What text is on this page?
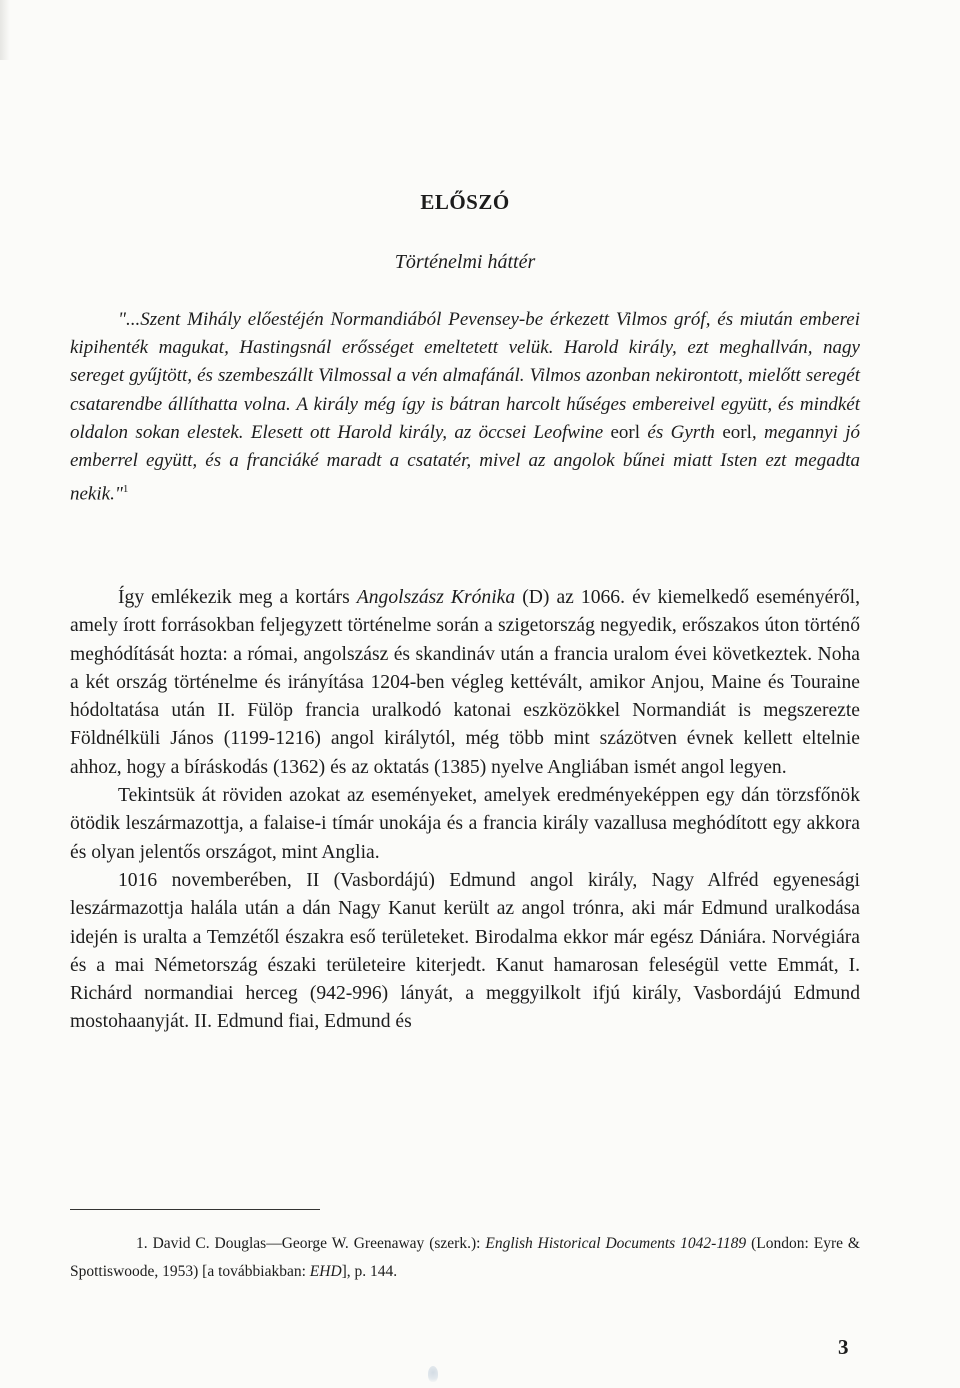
ELŐSZÓ
Történelmi háttér
"...Szent Mihály előestéjén Normandiából Pevensey-be érkezett Vilmos gróf, és miután emberei kipihenték magukat, Hastingsnál erősséget emeltetett velük. Harold király, ezt meghallván, nagy sereget gyűjtött, és szembeszállt Vilmossal a vén almafánál. Vilmos azonban nekirontott, mielőtt seregét csatarendbe állíthatta volna. A király még így is bátran harcolt hűséges embereivel együtt, és mindkét oldalon sokan elestek. Elesett ott Harold király, az öccsei Leofwine eorl és Gyrth eorl, megannyi jó emberrel együtt, és a franciáké maradt a csatatér, mivel az angolok bűnei miatt Isten ezt megadta nekik."$^1$

Így emlékezik meg a kortárs Angolszász Krónika (D) az 1066. év kiemelkedő eseményéről, amely írott forrásokban feljegyzett történelme során a szigetország negyedik, erőszakos úton történő meghódítását hozta: a római, angolszász és skandináv után a francia uralom évei következtek. Noha a két ország történelme és irányítása 1204-ben végleg kettévált, amikor Anjou, Maine és Touraine hódoltatása után II. Fülöp francia uralkodó katonai eszközökkel Normandiát is megszerezte Földnélküli János (1199-1216) angol királytól, még több mint százötven évnek kellett eltelnie ahhoz, hogy a bíráskodás (1362) és az oktatás (1385) nyelve Angliában ismét angol legyen.

Tekintsük át röviden azokat az eseményeket, amelyek eredményeképpen egy dán törzsfőnök ötödik leszármazottja, a falaise-i tímár unokája és a francia király vazallusa meghódított egy akkora és olyan jelentős országot, mint Anglia.

1016 novemberében, II (Vasbordájú) Edmund angol király, Nagy Alfréd egyenesági leszármazottja halála után a dán Nagy Kanut került az angol trónra, aki már Edmund uralkodása idején is uralta a Temzétől északra eső területeket. Birodalma ekkor már egész Dániára. Norvégiára és a mai Németország északi területeire kiterjedt. Kanut hamarosan feleségül vette Emmát, I. Richárd normandiai herceg (942-996) lányát, a meggyilkolt ifjú király, Vasbordájú Edmund mostohaanyját. II. Edmund fiai, Edmund és

1. David C. Douglas—George W. Greenaway (szerk.): English Historical Documents 1042-1189 (London: Eyre & Spottiswoode, 1953) [a továbbiakban: EHD], p. 144.

3
